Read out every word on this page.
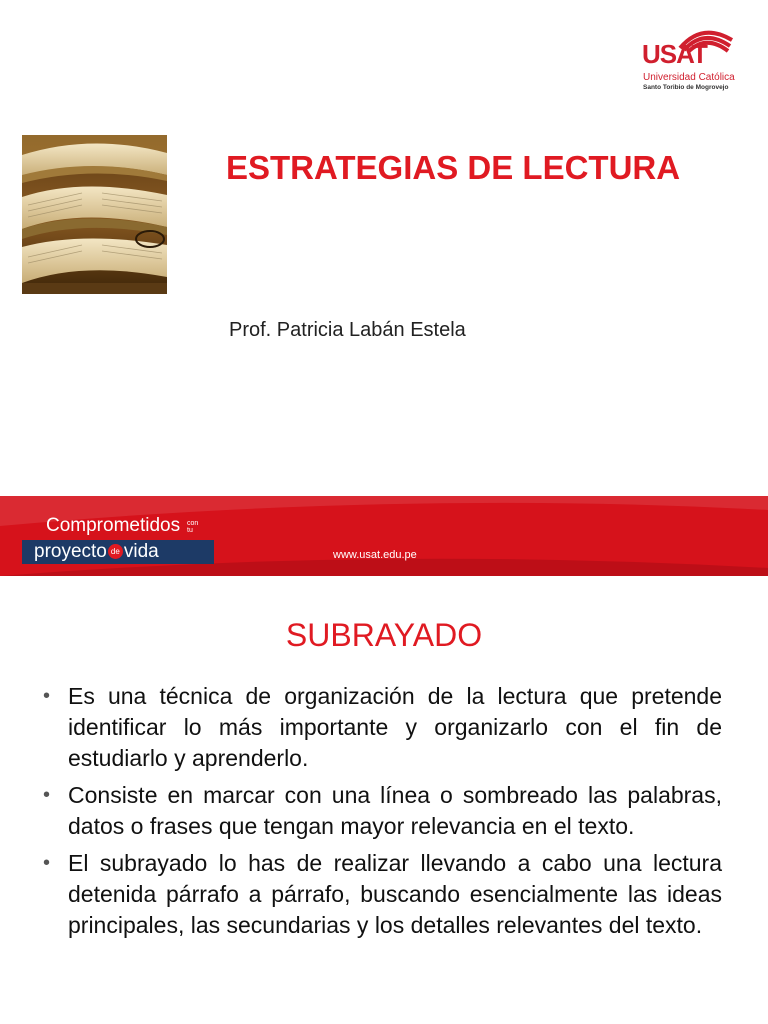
USAT
Universidad Católica
Santo Toribio de Mogrovejo
ESTRATEGIAS DE LECTURA
Prof. Patricia Labán Estela
Comprometidos con
tu
proyecto de vida	www.usat.edu.pe
SUBRAYADO
• Es una técnica de organización de la lectura que pretende identificar lo más importante y organizarlo con el fin de estudiarlo y aprenderlo.
• Consiste en marcar con una línea o sombreado las palabras, datos o frases que tengan mayor relevancia en el texto.
• El subrayado lo has de realizar llevando a cabo una lectura detenida párrafo a párrafo, buscando esencialmente las ideas principales, las secundarias y los detalles relevantes del texto.
